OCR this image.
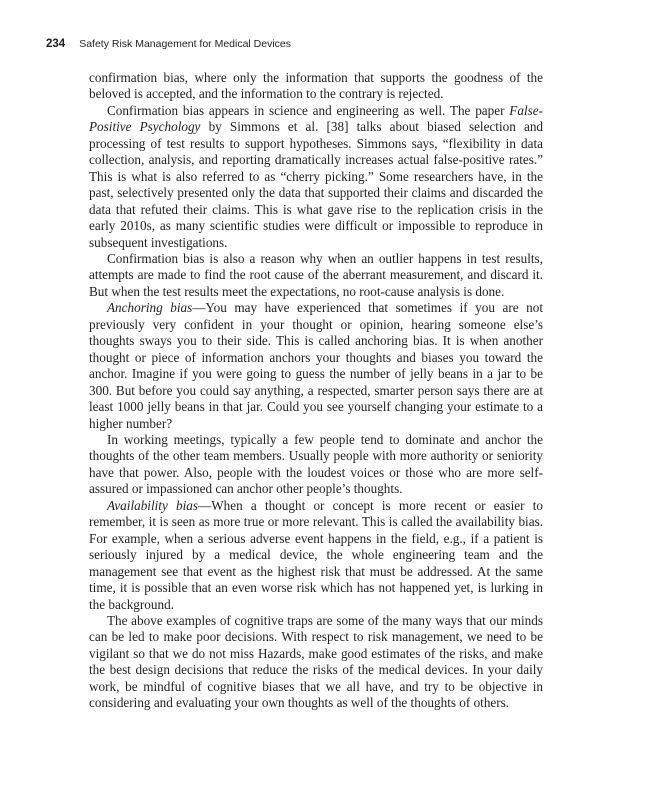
234 Safety Risk Management for Medical Devices

confirmation bias, where only the information that supports the goodness of the beloved is accepted, and the information to the contrary is rejected.

Confirmation bias appears in science and engineering as well. The paper False-Positive Psychology by Simmons et al. [38] talks about biased selection and processing of test results to support hypotheses. Simmons says, “flexibility in data collection, analysis, and reporting dramatically increases actual false-positive rates.” This is what is also referred to as “cherry picking.” Some researchers have, in the past, selectively presented only the data that supported their claims and discarded the data that refuted their claims. This is what gave rise to the replication crisis in the early 2010s, as many scientific studies were difficult or impossible to reproduce in subsequent investigations.

Confirmation bias is also a reason why when an outlier happens in test results, attempts are made to find the root cause of the aberrant measurement, and discard it. But when the test results meet the expectations, no root-cause analysis is done.

Anchoring bias—You may have experienced that sometimes if you are not previously very confident in your thought or opinion, hearing someone else’s thoughts sways you to their side. This is called anchoring bias. It is when another thought or piece of information anchors your thoughts and biases you toward the anchor. Imagine if you were going to guess the number of jelly beans in a jar to be 300. But before you could say anything, a respected, smarter person says there are at least 1000 jelly beans in that jar. Could you see yourself changing your estimate to a higher number?

In working meetings, typically a few people tend to dominate and anchor the thoughts of the other team members. Usually people with more authority or seniority have that power. Also, people with the loudest voices or those who are more self-assured or impassioned can anchor other people’s thoughts.

Availability bias—When a thought or concept is more recent or easier to remember, it is seen as more true or more relevant. This is called the availability bias. For example, when a serious adverse event happens in the field, e.g., if a patient is seriously injured by a medical device, the whole engineering team and the management see that event as the highest risk that must be addressed. At the same time, it is possible that an even worse risk which has not happened yet, is lurking in the background.

The above examples of cognitive traps are some of the many ways that our minds can be led to make poor decisions. With respect to risk management, we need to be vigilant so that we do not miss Hazards, make good estimates of the risks, and make the best design decisions that reduce the risks of the medical devices. In your daily work, be mindful of cognitive biases that we all have, and try to be objective in considering and evaluating your own thoughts as well of the thoughts of others.
